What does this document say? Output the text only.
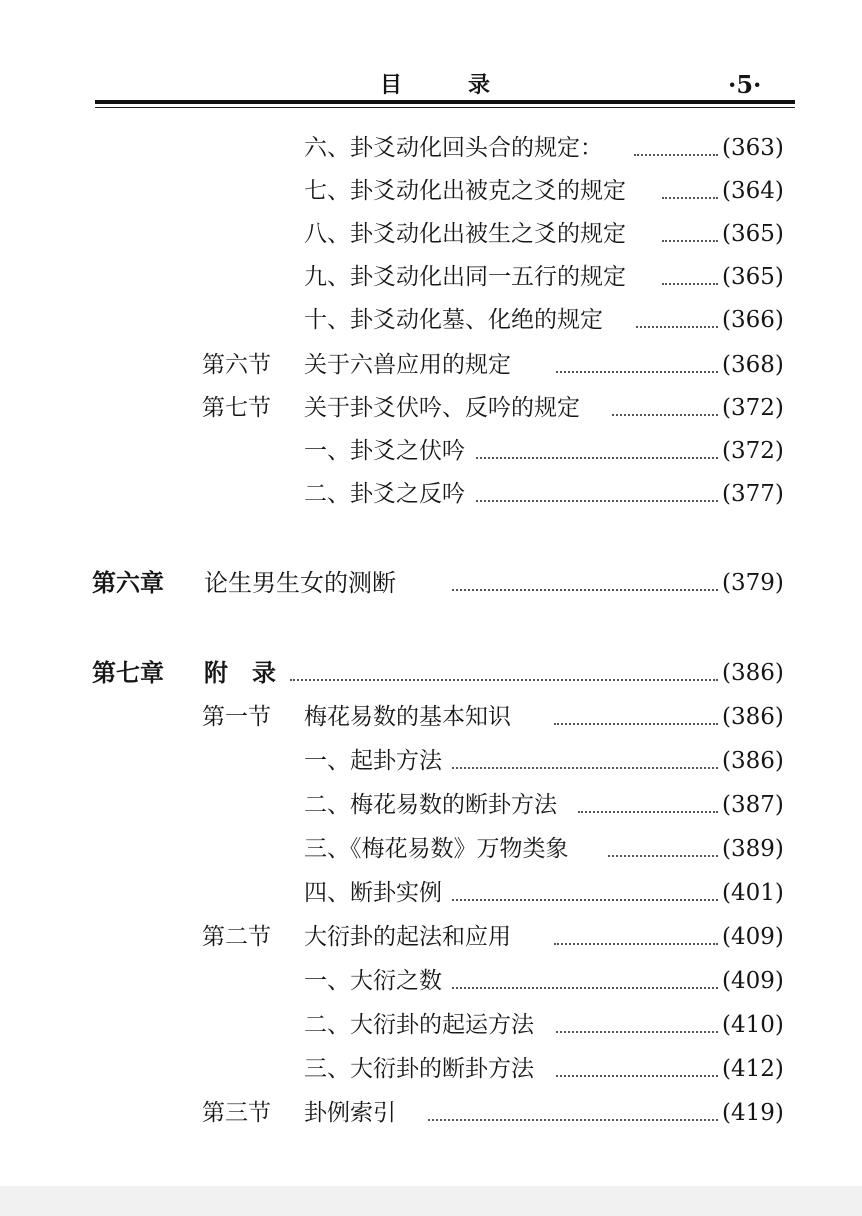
目	录	·5·
六、卦爻动化回头合的规定：	(363)
七、卦爻动化出被克之爻的规定	(364)
八、卦爻动化出被生之爻的规定	(365)
九、卦爻动化出同一五行的规定	(365)
十、卦爻动化墓、化绝的规定	(366)
第六节 关于六兽应用的规定	(368)
第七节 关于卦爻伏吟、反吟的规定	(372)
一、卦爻之伏吟	(372)
二、卦爻之反吟	(377)
第六章 论生男生女的测断	(379)
第七章 附　录	(386)
第一节 梅花易数的基本知识	(386)
一、起卦方法	(386)
二、梅花易数的断卦方法	(387)
三、《梅花易数》万物类象	(389)
四、断卦实例	(401)
第二节 大衍卦的起法和应用	(409)
一、大衍之数	(409)
二、大衍卦的起运方法	(410)
三、大衍卦的断卦方法	(412)
第三节 卦例索引	(419)
